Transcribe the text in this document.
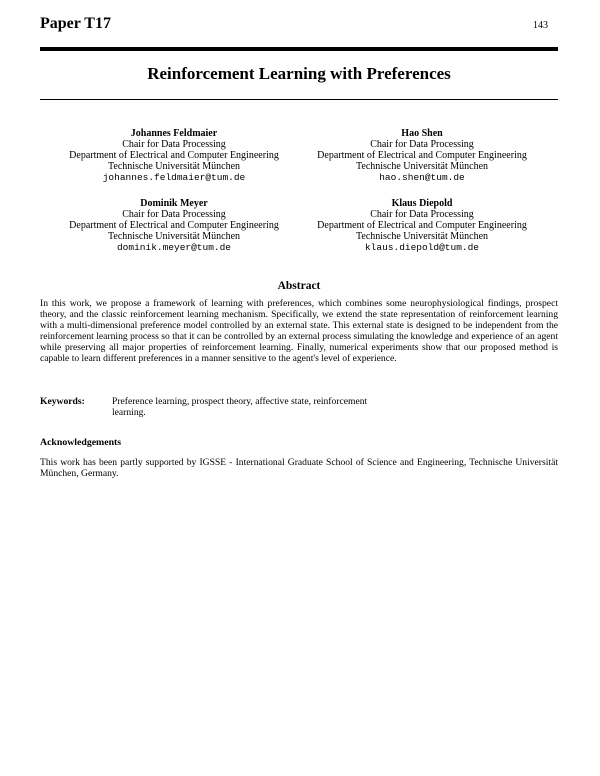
Paper T17	143
Reinforcement Learning with Preferences
Johannes Feldmaier
Chair for Data Processing
Department of Electrical and Computer Engineering
Technische Universität München
johannes.feldmaier@tum.de
Hao Shen
Chair for Data Processing
Department of Electrical and Computer Engineering
Technische Universität München
hao.shen@tum.de
Dominik Meyer
Chair for Data Processing
Department of Electrical and Computer Engineering
Technische Universität München
dominik.meyer@tum.de
Klaus Diepold
Chair for Data Processing
Department of Electrical and Computer Engineering
Technische Universität München
klaus.diepold@tum.de
Abstract
In this work, we propose a framework of learning with preferences, which combines some neurophysiological findings, prospect theory, and the classic reinforcement learning mechanism. Specifically, we extend the state representation of reinforcement learning with a multi-dimensional preference model controlled by an external state. This external state is designed to be independent from the reinforcement learning process so that it can be controlled by an external process simulating the knowledge and experience of an agent while preserving all major properties of reinforcement learning. Finally, numerical experiments show that our proposed method is capable to learn different preferences in a manner sensitive to the agent's level of experience.
Keywords:	Preference learning, prospect theory, affective state, reinforcement learning.
Acknowledgements
This work has been partly supported by IGSSE - International Graduate School of Science and Engineering, Technische Universität München, Germany.
